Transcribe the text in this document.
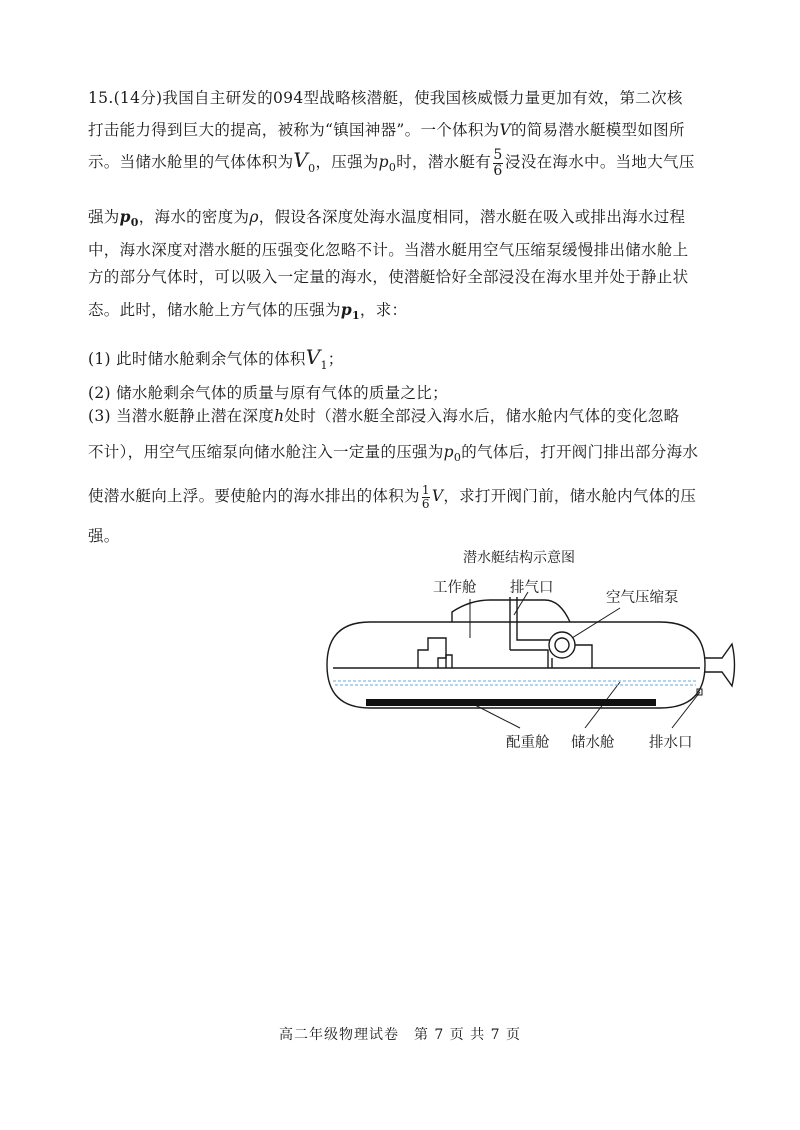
15.(14分)我国自主研发的094型战略核潜艇，使我国核威慑力量更加有效，第二次核
打击能力得到巨大的提高，被称为“镇国神器”。一个体积为V的简易潜水艇模型如图所
示。当储水舱里的气体体积为$V_0$，压强为$p_0$时，潜水艇有 $\frac{5}{6}$ 浸没在海水中。当地大气压
强为$p_0$，海水的密度为ρ，假设各深度处海水温度相同，潜水艇在吸入或排出海水过程
中，海水深度对潜水艇的压强变化忽略不计。当潜水艇用空气压缩泵缓慢排出储水舱上
方的部分气体时，可以吸入一定量的海水，使潜艇恰好全部浸没在海水里并处于静止状
态。此时，储水舱上方气体的压强为$p_1$，求：
(1) 此时储水舱剩余气体的体积$V_1$；
(2) 储水舱剩余气体的质量与原有气体的质量之比；
(3) 当潜水艇静止潜在深度h处时（潜水艇全部浸入海水后，储水舱内气体的变化忽略
不计），用空气压缩泵向储水舱注入一定量的压强为$p_0$的气体后，打开阀门排出部分海水
使潜水艇向上浮。要使舱内的海水排出的体积为 $\frac{1}{6}$ V，求打开阀门前，储水舱内气体的压
强。
潜水艇结构示意图
工作舱 排气口
空气压缩泵
配重舱 储水舱 排水口
高二年级物理试卷　第 7 页 共 7 页
